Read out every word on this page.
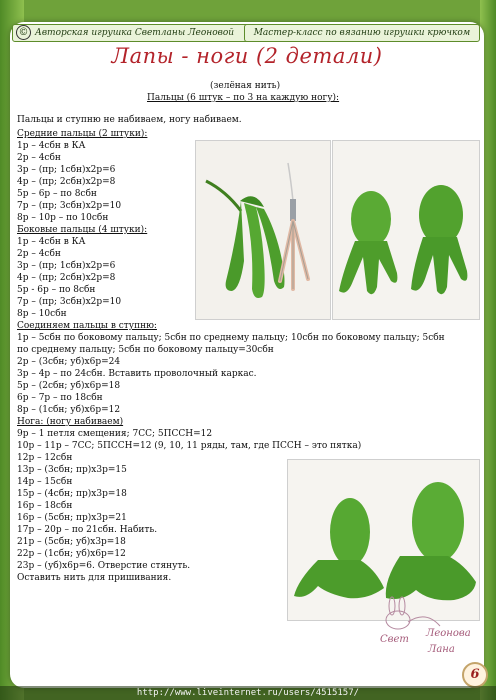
© Авторская игрушка Светланы Леоновой	Мастер-класс по вязанию игрушки крючком
Лапы - ноги (2 детали)
(зелёная нить)
Пальцы (6 штук – по 3 на каждую ногу):
Пальцы и ступню не набиваем, ногу набиваем.
Средние пальцы (2 штуки):
1р – 4сбн в КА
2р – 4сбн
3р – (пр; 1сбн)х2р=6
4р – (пр; 2сбн)х2р=8
5р – 6р – по 8сбн
7р – (пр; 3сбн)х2р=10
8р – 10р – по 10сбн
Боковые пальцы (4 штуки):
1р – 4сбн в КА
2р – 4сбн
3р – (пр; 1сбн)х2р=6
4р – (пр; 2сбн)х2р=8
5р - 6р – по 8сбн
7р – (пр; 3сбн)х2р=10
8р – 10сбн
Соединяем пальцы в ступню:
1р – 5сбн по боковому пальцу; 5сбн по среднему пальцу; 10сбн по боковому пальцу; 5сбн
по среднему пальцу; 5сбн по боковому пальцу=30сбн
2р – (3сбн; уб)х6р=24
3р – 4р – по 24сбн. Вставить проволочный каркас.
5р – (2сбн; уб)х6р=18
6р – 7р – по 18сбн
8р – (1сбн; уб)х6р=12
Нога: (ногу набиваем)
9р – 1 петля смещения; 7СС; 5ПССН=12
10р – 11р – 7СС; 5ПССН=12 (9, 10, 11 ряды, там, где ПССН – это пятка)
12р – 12сбн
13р – (3сбн; пр)х3р=15
14р – 15сбн
15р – (4сбн; пр)х3р=18
16р – 18сбн
16р – (5сбн; пр)х3р=21
17р – 20р – по 21сбн. Набить.
21р – (5сбн; уб)х3р=18
22р – (1сбн; уб)х6р=12
23р – (уб)х6р=6. Отверстие стянуть.
Оставить нить для пришивания.
Свет
Леонова
Лана
6
http://www.liveinternet.ru/users/4515157/
